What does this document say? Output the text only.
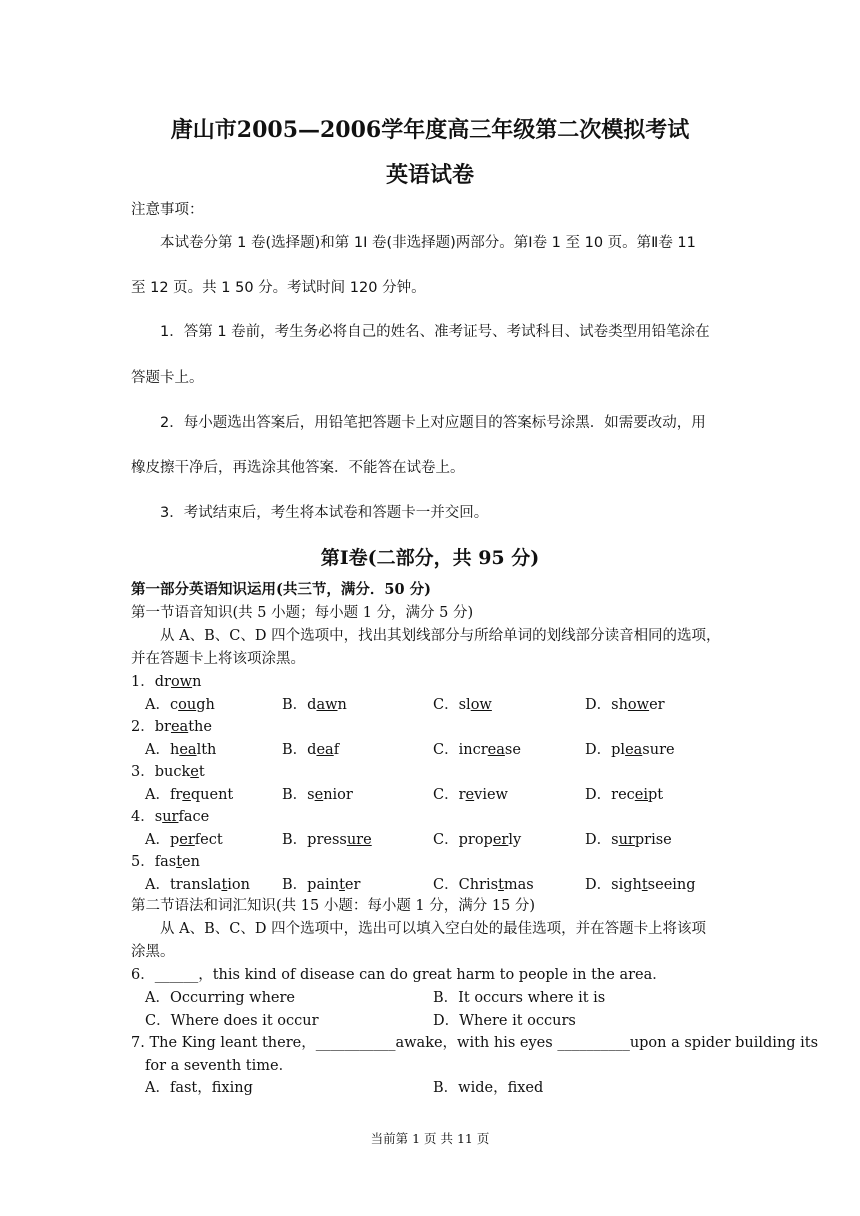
唐山市2005—2006学年度高三年级第二次模拟考试
英语试卷
注意事项：
本试卷分第 1 卷(选择题)和第 1I 卷(非选择题)两部分。第Ⅰ卷 1 至 10 页。第Ⅱ卷 11
至 12 页。共 1 50 分。考试时间 120 分钟。
1．答第 1 卷前，考生务必将自己的姓名、准考证号、考试科目、试卷类型用铅笔涂在
答题卡上。
2．每小题选出答案后，用铅笔把答题卡上对应题目的答案标号涂黑．如需要改动，用
橡皮擦干净后，再选涂其他答案．不能答在试卷上。
3．考试结束后，考生将本试卷和答题卡一并交回。
第Ⅰ卷(二部分，共 95 分)
第一部分英语知识运用(共三节，满分．50 分)
第一节语音知识(共 5 小题；每小题 1 分，满分 5 分)
从 A、B、C、D 四个选项中，找出其划线部分与所给单词的划线部分读音相同的选项，
并在答题卡上将该项涂黑。
1．drown
A．cough	B．dawn	C．slow	D．shower
2．breathe
A．health	B．deaf	C．increase	D．pleasure
3．bucket
A．frequent	B．senior	C．review	D．receipt
4．surface
A．perfect	B．pressure	C．properly	D．surprise
5．fasten
A．translation B．painter	C．Christmas	D．sightseeing
第二节语法和词汇知识(共 15 小题：每小题 1 分，满分 15 分)
从 A、B、C、D 四个选项中，选出可以填入空白处的最佳选项，并在答题卡上将该项
涂黑。
6．______，this kind of disease can do great harm to people in the area．
A．Occurring where	B．It occurs where it is
C．Where does it occur	D．Where it occurs
7. The King leant there，___________awake，with his eyes __________upon a spider building its
for a seventh time．
A．fast，fixing	B．wide，fixed
当前第 1 页 共 11 页
